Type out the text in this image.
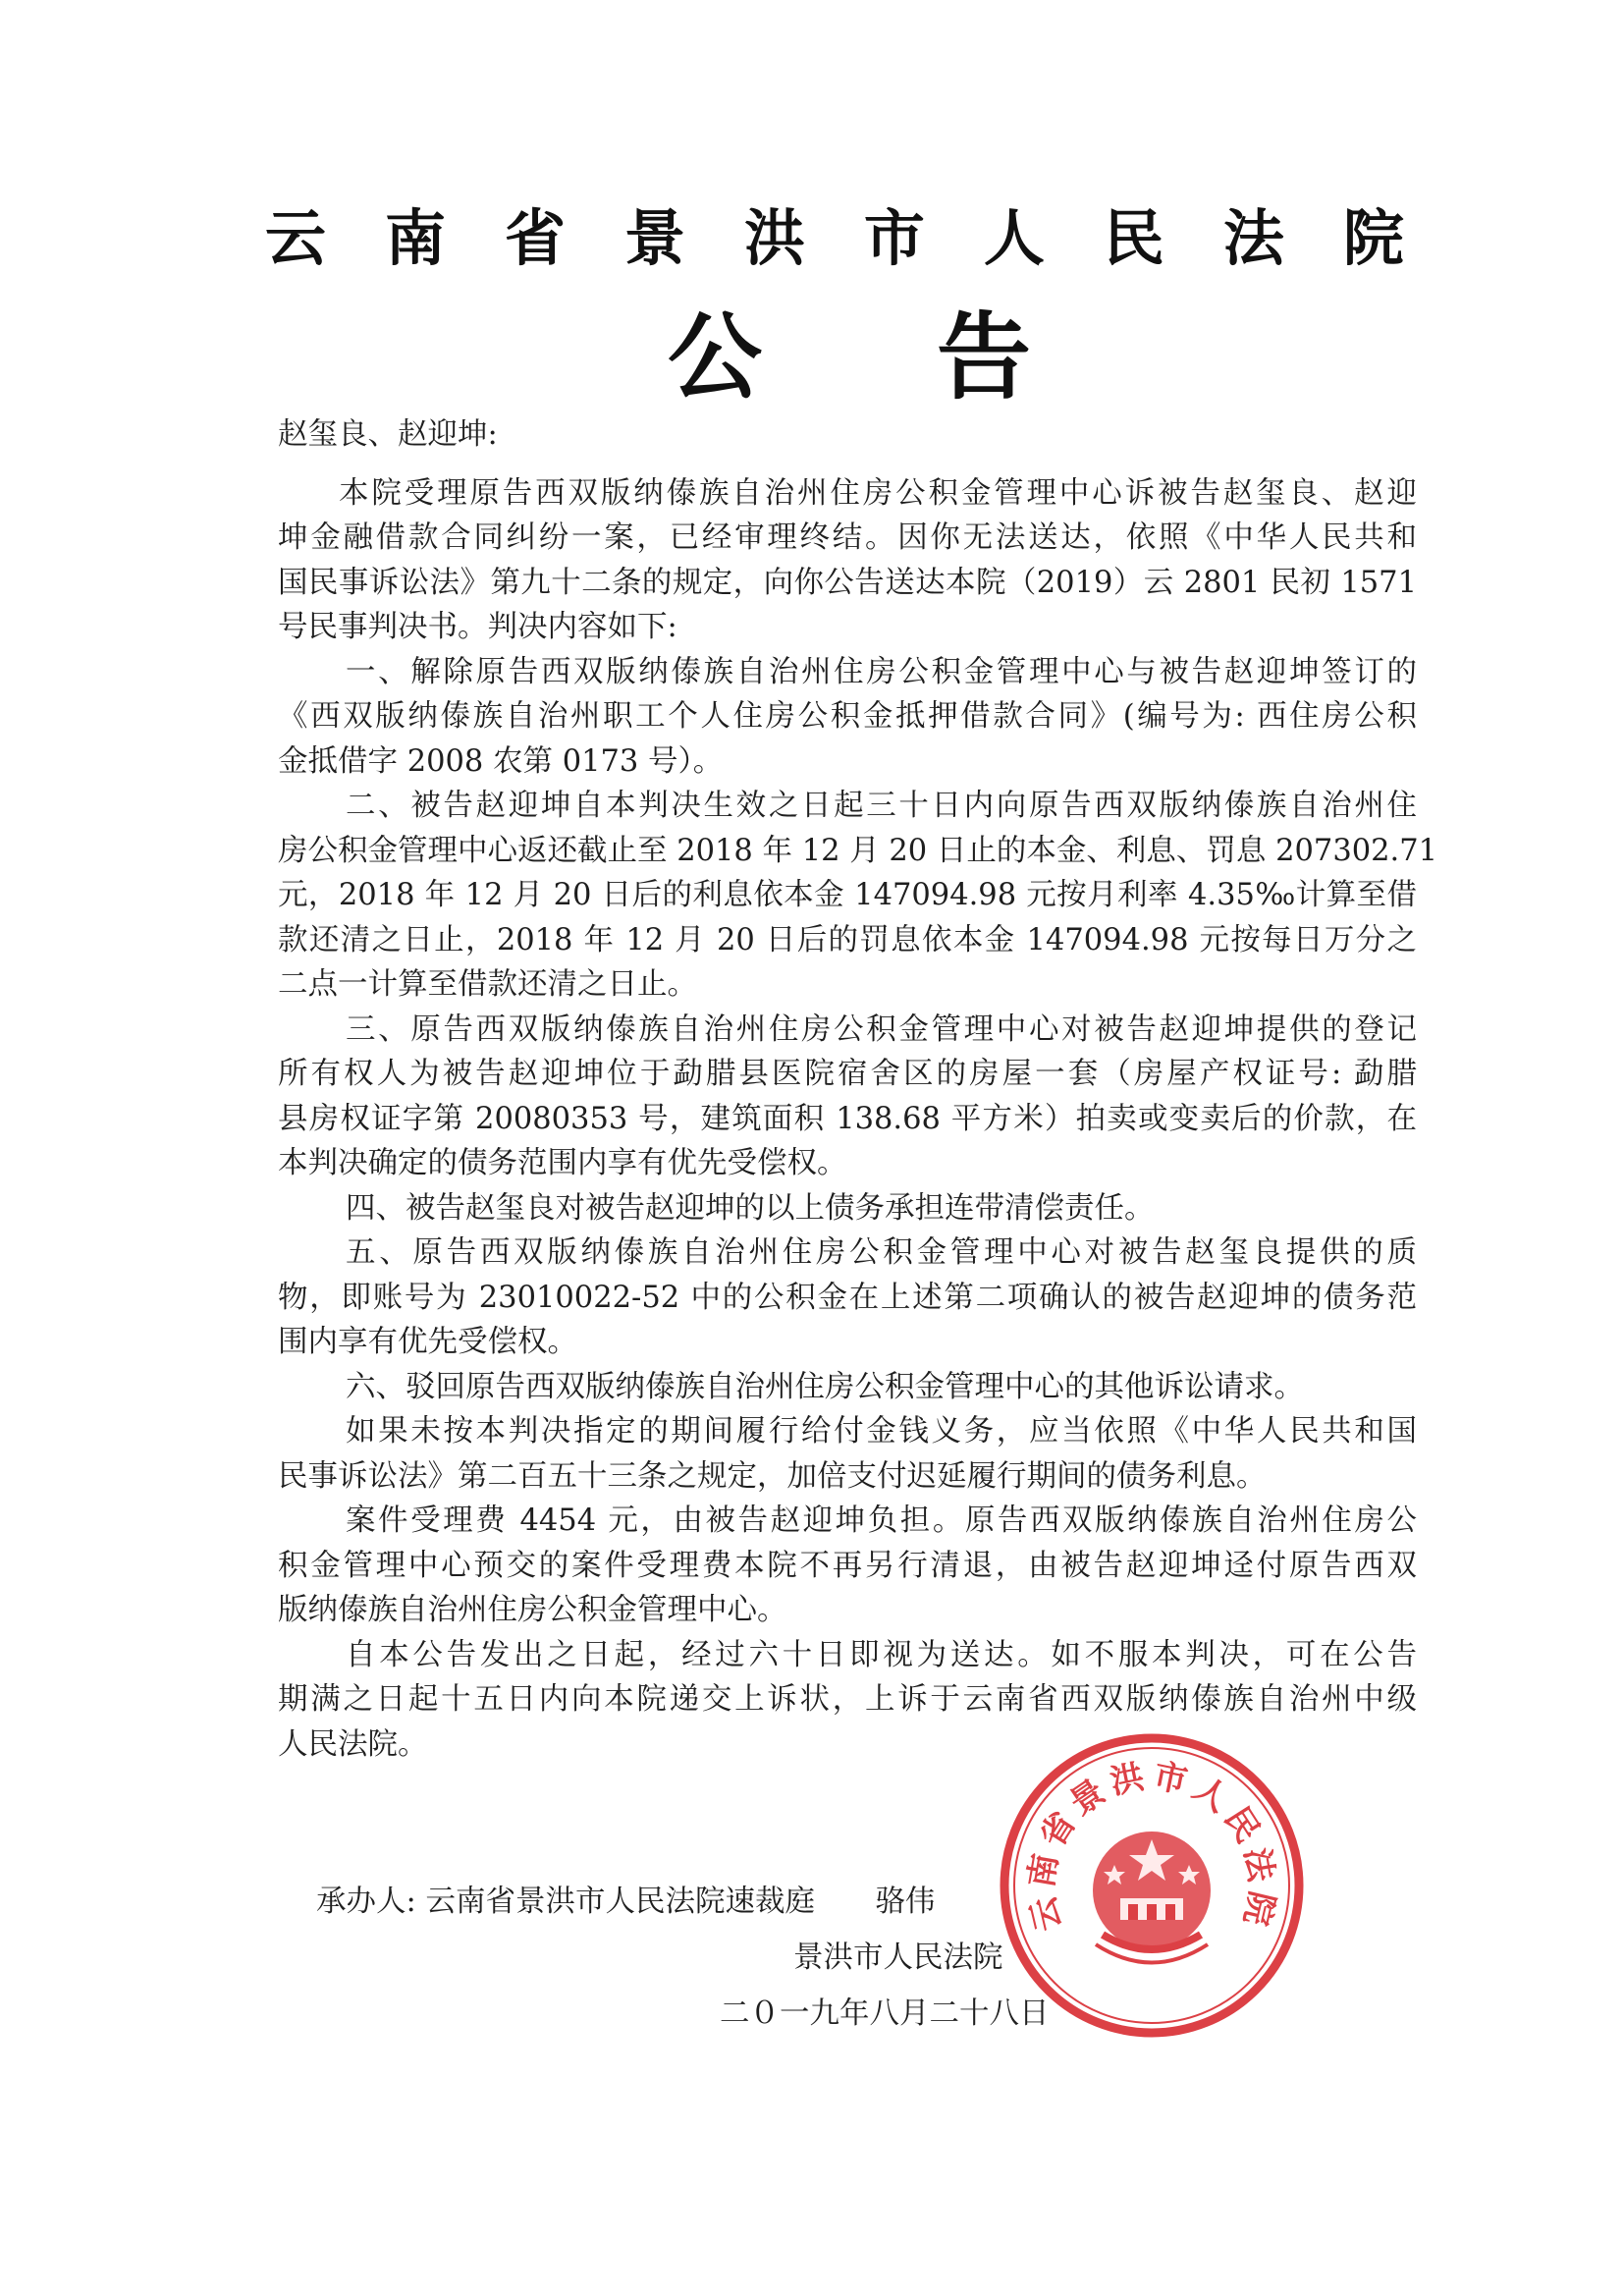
云 南 省 景 洪 市 人 民 法 院
公 告
赵玺良、赵迎坤:
本院受理原告西双版纳傣族自治州住房公积金管理中心诉被告赵玺良、赵迎
坤金融借款合同纠纷一案，已经审理终结。因你无法送达，依照《中华人民共和
国民事诉讼法》第九十二条的规定，向你公告送达本院（2019）云 2801 民初 1571
号民事判决书。判决内容如下:
一、解除原告西双版纳傣族自治州住房公积金管理中心与被告赵迎坤签订的
《西双版纳傣族自治州职工个人住房公积金抵押借款合同》(编号为: 西住房公积
金抵借字 2008 农第 0173 号）。
二、被告赵迎坤自本判决生效之日起三十日内向原告西双版纳傣族自治州住
房公积金管理中心返还截止至 2018 年 12 月 20 日止的本金、利息、罚息 207302.71
元，2018 年 12 月 20 日后的利息依本金 147094.98 元按月利率 4.35‰计算至借
款还清之日止，2018 年 12 月 20 日后的罚息依本金 147094.98 元按每日万分之
二点一计算至借款还清之日止。
三、原告西双版纳傣族自治州住房公积金管理中心对被告赵迎坤提供的登记
所有权人为被告赵迎坤位于勐腊县医院宿舍区的房屋一套（房屋产权证号: 勐腊
县房权证字第 20080353 号，建筑面积 138.68 平方米）拍卖或变卖后的价款，在
本判决确定的债务范围内享有优先受偿权。
四、被告赵玺良对被告赵迎坤的以上债务承担连带清偿责任。
五、原告西双版纳傣族自治州住房公积金管理中心对被告赵玺良提供的质
物，即账号为 23010022-52 中的公积金在上述第二项确认的被告赵迎坤的债务范
围内享有优先受偿权。
六、驳回原告西双版纳傣族自治州住房公积金管理中心的其他诉讼请求。
如果未按本判决指定的期间履行给付金钱义务，应当依照《中华人民共和国
民事诉讼法》第二百五十三条之规定，加倍支付迟延履行期间的债务利息。
案件受理费 4454 元，由被告赵迎坤负担。原告西双版纳傣族自治州住房公
积金管理中心预交的案件受理费本院不再另行清退，由被告赵迎坤迳付原告西双
版纳傣族自治州住房公积金管理中心。
自本公告发出之日起，经过六十日即视为送达。如不服本判决，可在公告
期满之日起十五日内向本院递交上诉状，上诉于云南省西双版纳傣族自治州中级
人民法院。
承办人: 云南省景洪市人民法院速裁庭 骆伟
景洪市人民法院
二０一九年八月二十八日
云南省景洪市人民法院
